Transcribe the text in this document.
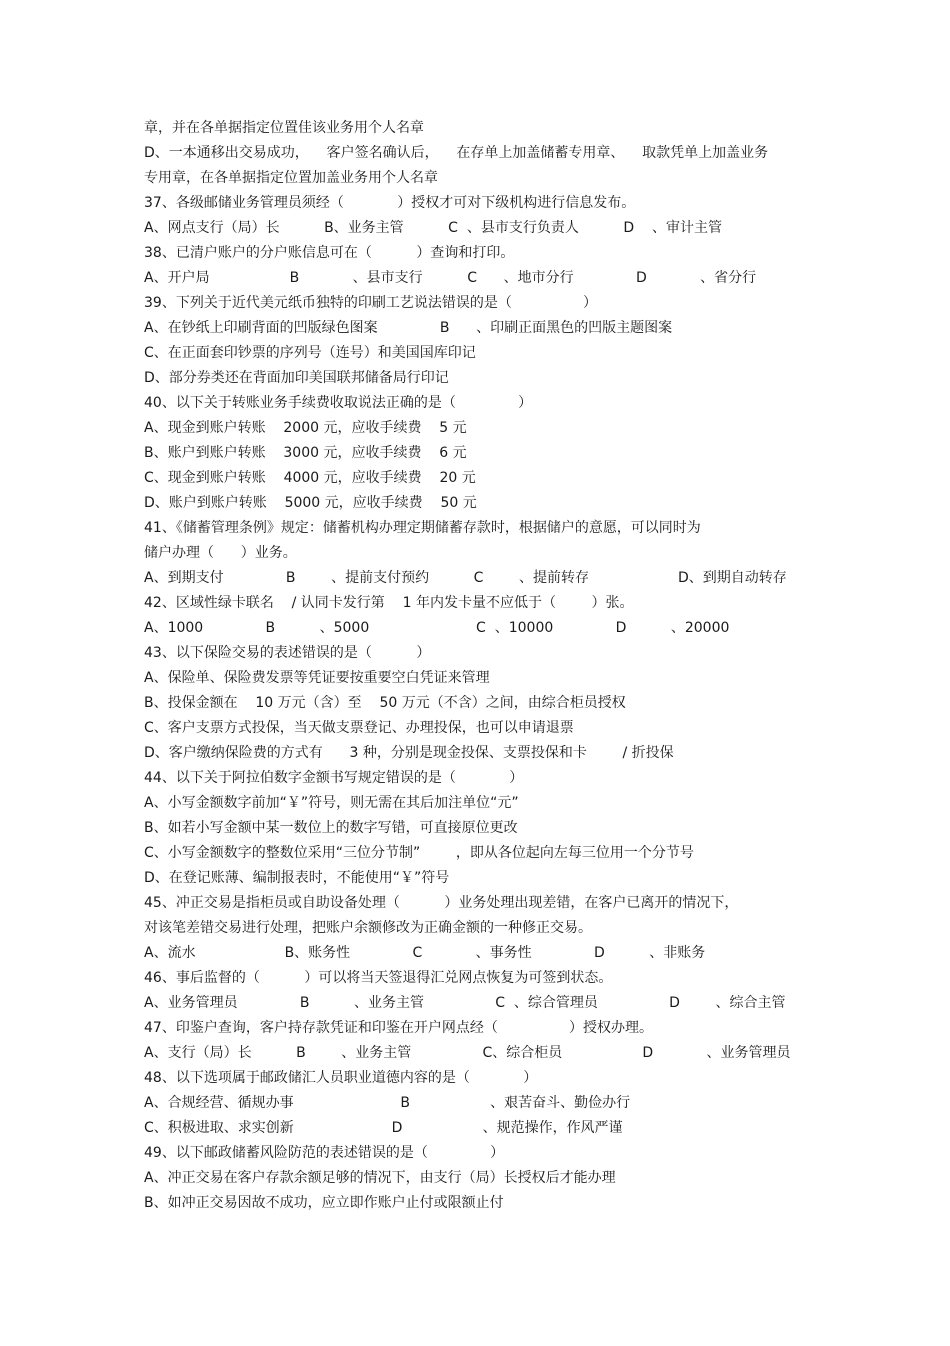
章，并在各单据指定位置佳该业务用个人名章
D、一本通移出交易成功，    客户签名确认后，    在存单上加盖储蓄专用章、    取款凭单上加盖业务
专用章，在各单据指定位置加盖业务用个人名章
37、各级邮储业务管理员须经（            ）授权才可对下级机构进行信息发布。
A、网点支行（局）长          B、业务主管          C  、县市支行负责人          D    、审计主管
38、已清户账户的分户账信息可在（          ）查询和打印。
A、开户局                  B            、县市支行          C      、地市分行              D            、省分行
39、下列关于近代美元纸币独特的印刷工艺说法错误的是（                ）
A、在钞纸上印刷背面的凹版绿色图案              B      、印刷正面黑色的凹版主题图案
C、在正面套印钞票的序列号（连号）和美国国库印记
D、部分券类还在背面加印美国联邦储备局行印记
40、以下关于转账业务手续费收取说法正确的是（              ）
A、现金到账户转账    2000 元，应收手续费    5 元
B、账户到账户转账    3000 元，应收手续费    6 元
C、现金到账户转账    4000 元，应收手续费    20 元
D、账户到账户转账    5000 元，应收手续费    50 元
41、《储蓄管理条例》规定：储蓄机构办理定期储蓄存款时，根据储户的意愿，可以同时为
储户办理（      ）业务。
A、到期支付              B        、提前支付预约          C        、提前转存                    D、到期自动转存
42、区域性绿卡联名    / 认同卡发行第    1 年内发卡量不应低于（        ）张。
A、1000              B          、5000                        C  、10000              D          、20000
43、以下保险交易的表述错误的是（          ）
A、保险单、保险费发票等凭证要按重要空白凭证来管理
B、投保金额在    10 万元（含）至    50 万元（不含）之间，由综合柜员授权
C、客户支票方式投保，当天做支票登记、办理投保，也可以申请退票
D、客户缴纳保险费的方式有      3 种，分别是现金投保、支票投保和卡        / 折投保
44、以下关于阿拉伯数字金额书写规定错误的是（            ）
A、小写金额数字前加“￥”符号，则无需在其后加注单位“元”
B、如若小写金额中某一数位上的数字写错，可直接原位更改
C、小写金额数字的整数位采用“三位分节制”        ，即从各位起向左每三位用一个分节号
D、在登记账薄、编制报表时，不能使用“￥”符号
45、冲正交易是指柜员或自助设备处理（          ）业务处理出现差错，在客户已离开的情况下，
对该笔差错交易进行处理，把账户余额修改为正确金额的一种修正交易。
A、流水                    B、账务性              C            、事务性              D          、非账务
46、事后监督的（          ）可以将当天签退得汇兑网点恢复为可签到状态。
A、业务管理员              B          、业务主管                C  、综合管理员                D        、综合主管
47、印鉴户查询，客户持存款凭证和印鉴在开户网点经（                ）授权办理。
A、支行（局）长          B        、业务主管                C、综合柜员                  D            、业务管理员
48、以下选项属于邮政储汇人员职业道德内容的是（            ）
A、合规经营、循规办事                        B                  、艰苦奋斗、勤俭办行
C、积极进取、求实创新                      D                  、规范操作，作风严谨
49、以下邮政储蓄风险防范的表述错误的是（              ）
A、冲正交易在客户存款余额足够的情况下，由支行（局）长授权后才能办理
B、如冲正交易因故不成功，应立即作账户止付或限额止付
